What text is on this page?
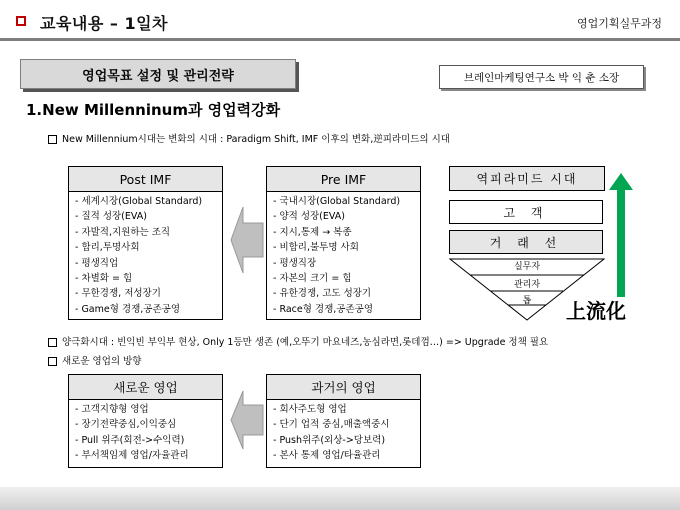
교육내용 – 1일차	영업기획실무과정
영업목표 설정 및 관리전략	브레인마케팅연구소 박 익 춘 소장
1.New Millenninum과 영업력강화
New Millennium시대는 변화의 시대 : Paradigm Shift, IMF 이후의 변화,逆피라미드의 시대
Post IMF
- 세계시장(Global Standard)
- 질적 성장(EVA)
- 자발적,지원하는 조직
- 합리,투명사회
- 평생직업
- 차별화 = 힘
- 무한경쟁, 저성장기
- Game형 경쟁,공존공영
Pre IMF
- 국내시장(Global Standard)
- 양적 성장(EVA)
- 지시,통제 → 복종
- 비합리,불투명 사회
- 평생직장
- 자본의 크기 = 힘
- 유한경쟁, 고도 성장기
- Race형 경쟁,공존공영
역피라미드 시대
고 객
거 래 선
실무자
관리자
톱	上流化
양극화시대 : 빈익빈 부익부 현상, Only 1등만 생존 (예,오뚜기 마요네즈,농심라면,롯데껌…) => Upgrade 정책 필요
새로운 영업의 방향
새로운 영업
- 고객지향형 영업
- 장기전략중심,이익중심
- Pull 위주(회전->수익력)
- 부서책임제 영업/자율관리
과거의 영업
- 회사주도형 영업
- 단기 업적 중심,매출액중시
- Push위주(외상->당보력)
- 본사 통제 영업/타율관리
